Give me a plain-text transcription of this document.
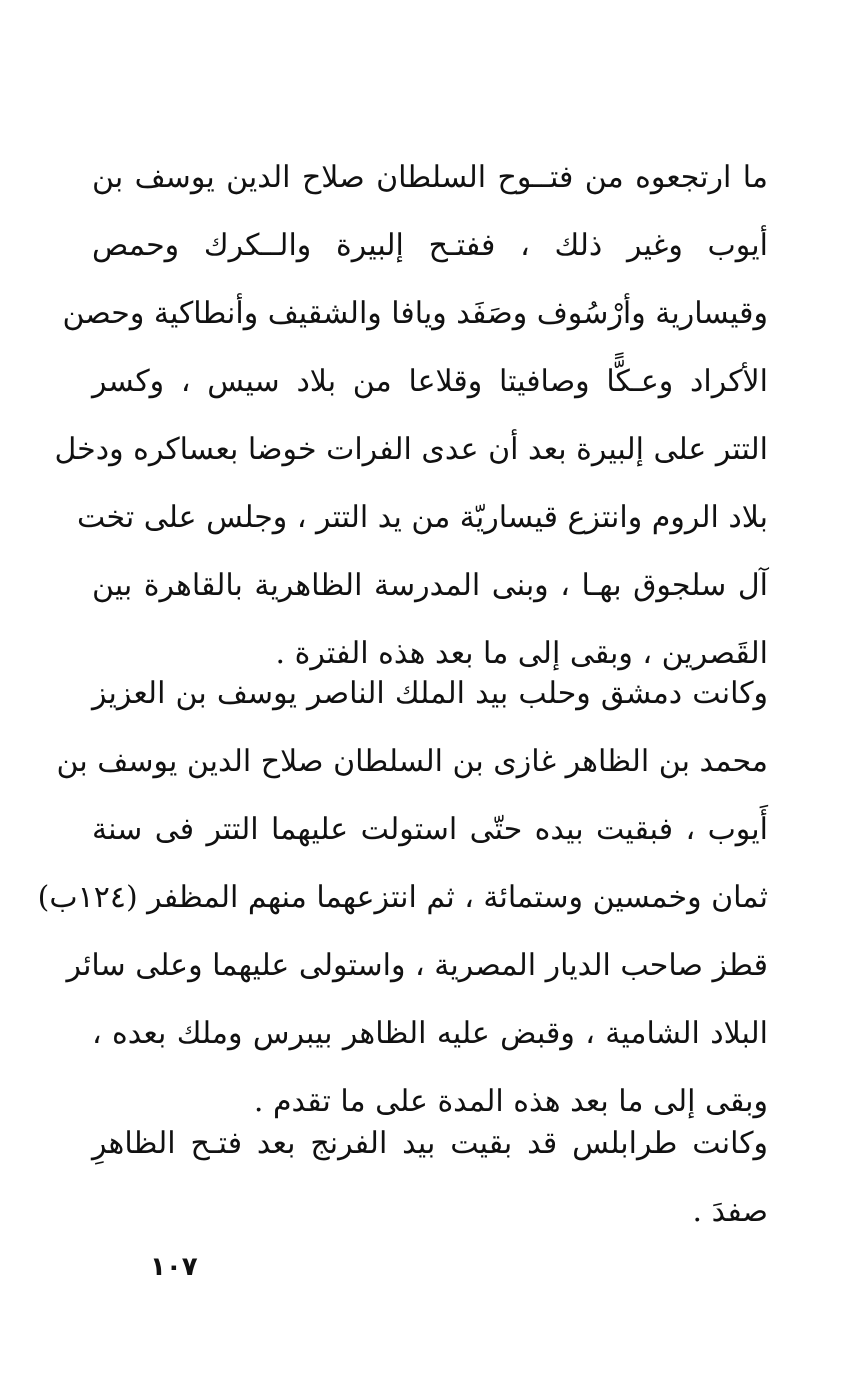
ما ارتجعوه من فتــوح السلطان صلاح الدين يوسف بن
أيوب وغير ذلك ، ففتـح إلبيرة والــكرك وحمص
وقيسارية وأرْسُوف وصَفَد ويافا والشقيف وأنطاكية وحصن
الأكراد وعـكًّا وصافيتا وقلاعا من بلاد سيس ، وكسر
التتر على إلبيرة بعد أن عدى الفرات خوضا بعساكره ودخل
بلاد الروم وانتزع قيساريّة من يد التتر ، وجلس على تخت
آل سلجوق بهـا ، وبنى المدرسة الظاهرية بالقاهرة بين
القَصرين ، وبقى إلى ما بعد هذه الفترة .
وكانت دمشق وحلب بيد الملك الناصر يوسف بن العزيز
محمد بن الظاهر غازى بن السلطان صلاح الدين يوسف بن
أَيوب ، فبقيت بيده حتّى استولت عليهما التتر فى سنة
ثمان وخمسين وستمائة ، ثم انتزعهما منهم المظفر (١٢٤ب)
قطز صاحب الديار المصرية ، واستولى عليهما وعلى سائر
البلاد الشامية ، وقبض عليه الظاهر بيبرس وملك بعده ،
وبقى إلى ما بعد هذه المدة على ما تقدم .
وكانت طرابلس قد بقيت بيد الفرنج بعد فتـح الظاهرِ
صفدَ .
١٠٧
